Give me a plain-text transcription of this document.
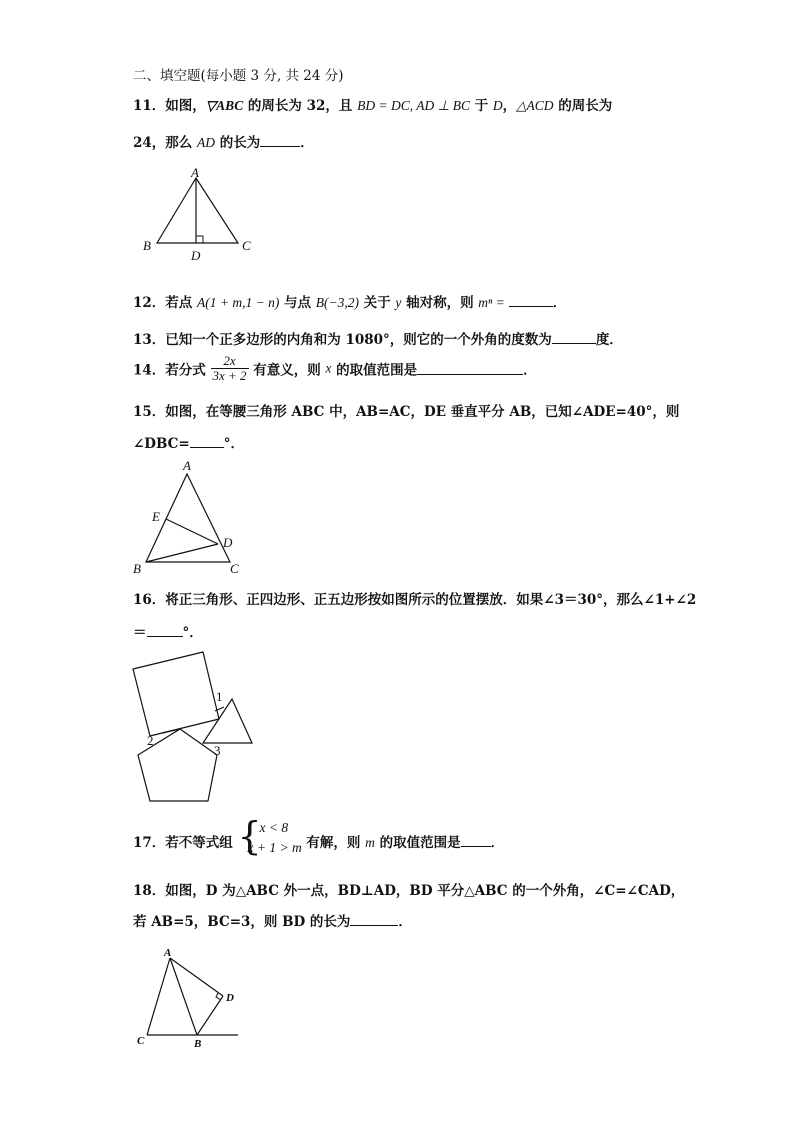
二、填空题(每小题 3 分, 共 24 分)
11．如图，▽ABC 的周长为 32，且 BD = DC, AD ⊥ BC 于 D，△ACD 的周长为
24，那么 AD 的长为	．
A
B	C
D
12．若点 A(1 + m,1 − n) 与点 B(−3,2) 关于 y 轴对称，则 mⁿ =	．
13．已知一个正多边形的内角和为 1080°，则它的一个外角的度数为	度．
14．若分式 $\frac{2x}{3x + 2}$ 有意义，则 x 的取值范围是	．
15．如图，在等腰三角形 ABC 中，AB=AC，DE 垂直平分 AB，已知∠ADE=40°，则
∠DBC=	°．
A
E
D
B	C
16．将正三角形、正四边形、正五边形按如图所示的位置摆放．如果∠3＝30°，那么∠1+∠2
＝	°．
1
2
3
17．若不等式组 {
x < 8
x + 1 > m 有解，则 m 的取值范围是 ．
18．如图，D 为△ABC 外一点，BD⊥AD，BD 平分△ABC 的一个外角，∠C=∠CAD，
若 AB=5，BC=3，则 BD 的长为	．
A
D
C	B
